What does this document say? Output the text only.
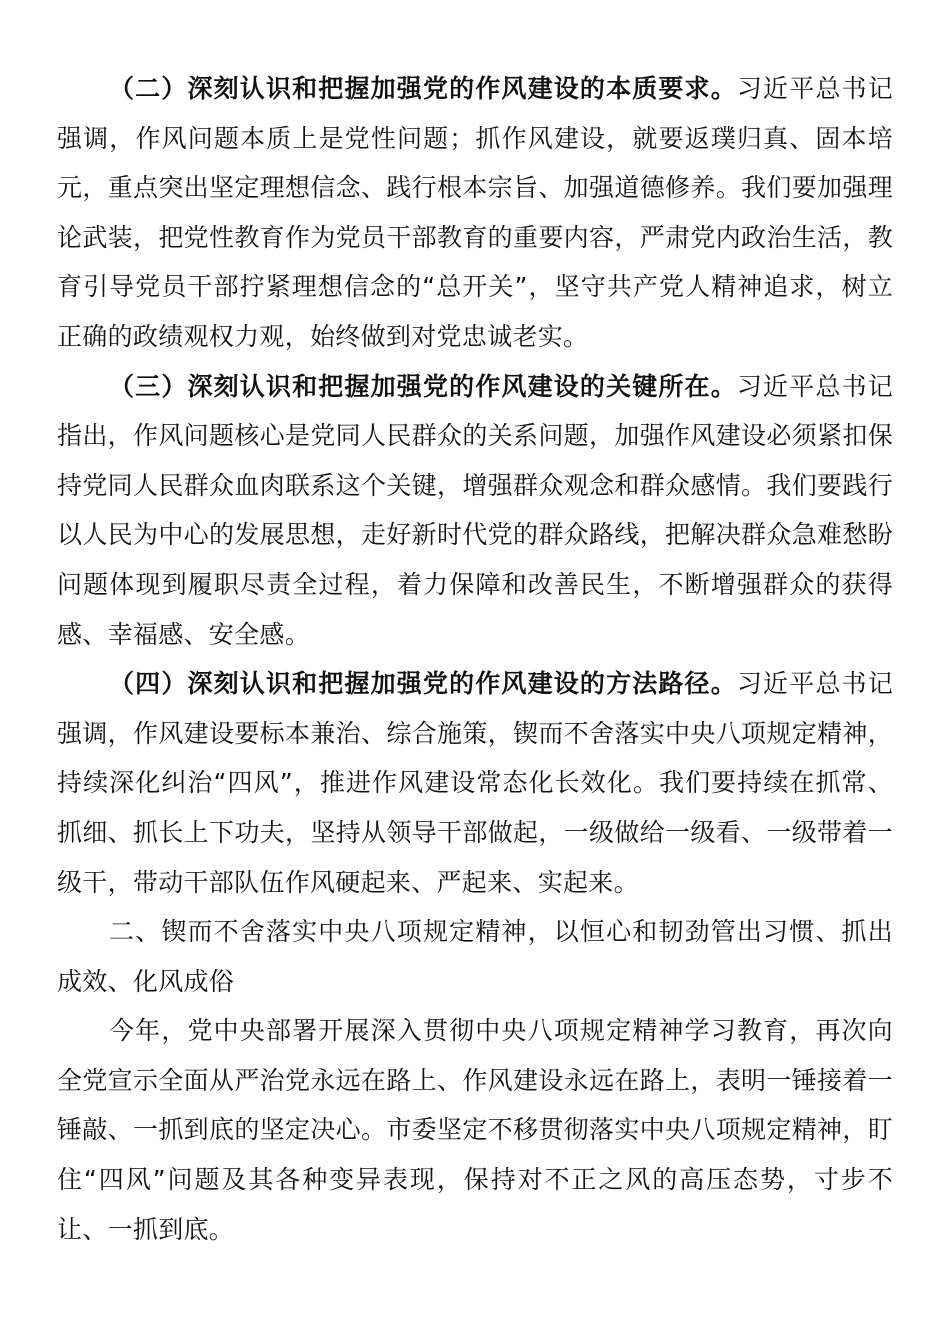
（二）深刻认识和把握加强党的作风建设的本质要求。习近平总书记强调，作风问题本质上是党性问题；抓作风建设，就要返璞归真、固本培元，重点突出坚定理想信念、践行根本宗旨、加强道德修养。我们要加强理论武装，把党性教育作为党员干部教育的重要内容，严肃党内政治生活，教育引导党员干部拧紧理想信念的“总开关”，坚守共产党人精神追求，树立正确的政绩观权力观，始终做到对党忠诚老实。

（三）深刻认识和把握加强党的作风建设的关键所在。习近平总书记指出，作风问题核心是党同人民群众的关系问题，加强作风建设必须紧扣保持党同人民群众血肉联系这个关键，增强群众观念和群众感情。我们要践行以人民为中心的发展思想，走好新时代党的群众路线，把解决群众急难愁盼问题体现到履职尽责全过程，着力保障和改善民生，不断增强群众的获得感、幸福感、安全感。

（四）深刻认识和把握加强党的作风建设的方法路径。习近平总书记强调，作风建设要标本兼治、综合施策，锲而不舍落实中央八项规定精神，持续深化纠治“四风”，推进作风建设常态化长效化。我们要持续在抓常、抓细、抓长上下功夫，坚持从领导干部做起，一级做给一级看、一级带着一级干，带动干部队伍作风硬起来、严起来、实起来。

二、锲而不舍落实中央八项规定精神，以恒心和韧劲管出习惯、抓出成效、化风成俗

今年，党中央部署开展深入贯彻中央八项规定精神学习教育，再次向全党宣示全面从严治党永远在路上、作风建设永远在路上，表明一锤接着一锤敲、一抓到底的坚定决心。市委坚定不移贯彻落实中央八项规定精神，盯住“四风”问题及其各种变异表现，保持对不正之风的高压态势，寸步不让、一抓到底。
